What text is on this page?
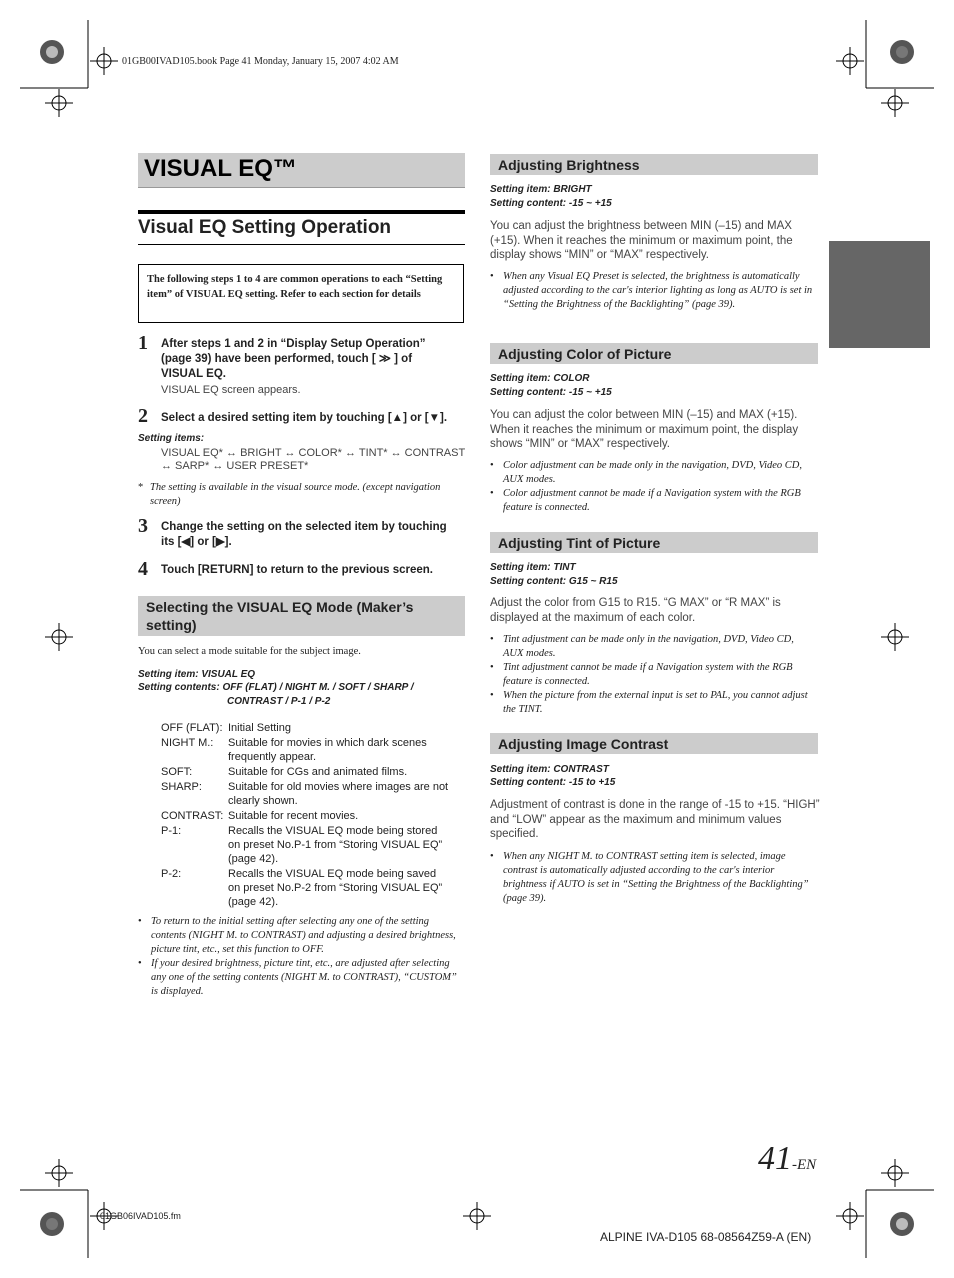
01GB00IVAD105.book Page 41 Monday, January 15, 2007 4:02 AM
VISUAL EQ™
Visual EQ Setting Operation
The following steps 1 to 4 are common operations to each “Setting item” of VISUAL EQ setting. Refer to each section for details
1 After steps 1 and 2 in “Display Setup Operation” (page 39) have been performed, touch [ ≫ ] of VISUAL EQ.
VISUAL EQ screen appears.
2 Select a desired setting item by touching [▲] or [▼].
Setting items:
VISUAL EQ* ↔ BRIGHT ↔ COLOR* ↔ TINT* ↔ CONTRAST
↔ SARP* ↔ USER PRESET*
* The setting is available in the visual source mode. (except navigation screen)
3 Change the setting on the selected item by touching its [◀] or [▶].
4 Touch [RETURN] to return to the previous screen.
Selecting the VISUAL EQ Mode (Maker’s setting)
You can select a mode suitable for the subject image.
Setting item: VISUAL EQ
Setting contents: OFF (FLAT) / NIGHT M. / SOFT / SHARP /
CONTRAST / P-1 / P-2
OFF (FLAT):	Initial Setting
NIGHT M.:	Suitable for movies in which dark scenes frequently appear.
SOFT:	Suitable for CGs and animated films.
SHARP:	Suitable for old movies where images are not clearly shown.
CONTRAST:	Suitable for recent movies.
P-1:	Recalls the VISUAL EQ mode being stored on preset No.P-1 from “Storing VISUAL EQ” (page 42).
P-2:	Recalls the VISUAL EQ mode being saved on preset No.P-2 from “Storing VISUAL EQ” (page 42).
• To return to the initial setting after selecting any one of the setting contents (NIGHT M. to CONTRAST) and adjusting a desired brightness, picture tint, etc., set this function to OFF.
• If your desired brightness, picture tint, etc., are adjusted after selecting any one of the setting contents (NIGHT M. to CONTRAST), “CUSTOM” is displayed.
Adjusting Brightness
Setting item: BRIGHT
Setting content: -15 ~ +15
You can adjust the brightness between MIN (–15) and MAX (+15). When it reaches the minimum or maximum point, the display shows “MIN” or “MAX” respectively.
• When any Visual EQ Preset is selected, the brightness is automatically adjusted according to the car's interior lighting as long as AUTO is set in “Setting the Brightness of the Backlighting” (page 39).
Adjusting Color of Picture
Setting item: COLOR
Setting content: -15 ~ +15
You can adjust the color between MIN (–15) and MAX (+15). When it reaches the minimum or maximum point, the display shows “MIN” or “MAX” respectively.
• Color adjustment can be made only in the navigation, DVD, Video CD, AUX modes.
• Color adjustment cannot be made if a Navigation system with the RGB feature is connected.
Adjusting Tint of Picture
Setting item: TINT
Setting content: G15 ~ R15
Adjust the color from G15 to R15. “G MAX” or “R MAX” is displayed at the maximum of each color.
• Tint adjustment can be made only in the navigation, DVD, Video CD, AUX modes.
• Tint adjustment cannot be made if a Navigation system with the RGB feature is connected.
• When the picture from the external input is set to PAL, you cannot adjust the TINT.
Adjusting Image Contrast
Setting item: CONTRAST
Setting content: -15 to +15
Adjustment of contrast is done in the range of -15 to +15. “HIGH” and “LOW” appear as the maximum and minimum values specified.
• When any NIGHT M. to CONTRAST setting item is selected, image contrast is automatically adjusted according to the car's interior brightness if AUTO is set in “Setting the Brightness of the Backlighting” (page 39).
41-EN
01GB06IVAD105.fm
ALPINE IVA-D105 68-08564Z59-A (EN)
